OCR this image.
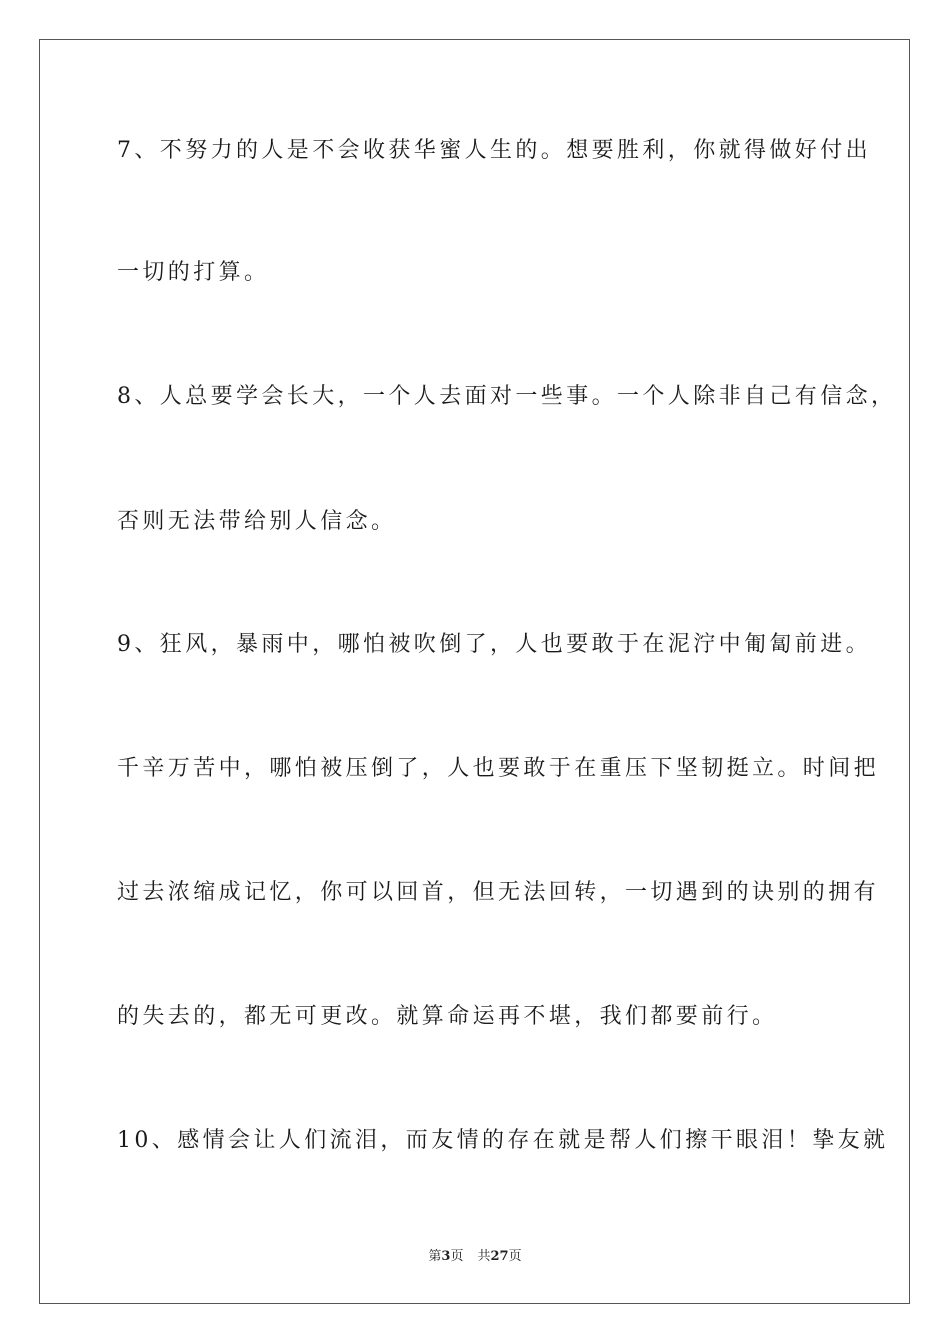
7、不努力的人是不会收获华蜜人生的。想要胜利，你就得做好付出
一切的打算。
8、人总要学会长大，一个人去面对一些事。一个人除非自己有信念，
否则无法带给别人信念。
9、狂风，暴雨中，哪怕被吹倒了，人也要敢于在泥泞中匍匐前进。
千辛万苦中，哪怕被压倒了，人也要敢于在重压下坚韧挺立。时间把
过去浓缩成记忆，你可以回首，但无法回转，一切遇到的诀别的拥有
的失去的，都无可更改。就算命运再不堪，我们都要前行。
10、感情会让人们流泪，而友情的存在就是帮人们擦干眼泪！挚友就
第3页 共27页
